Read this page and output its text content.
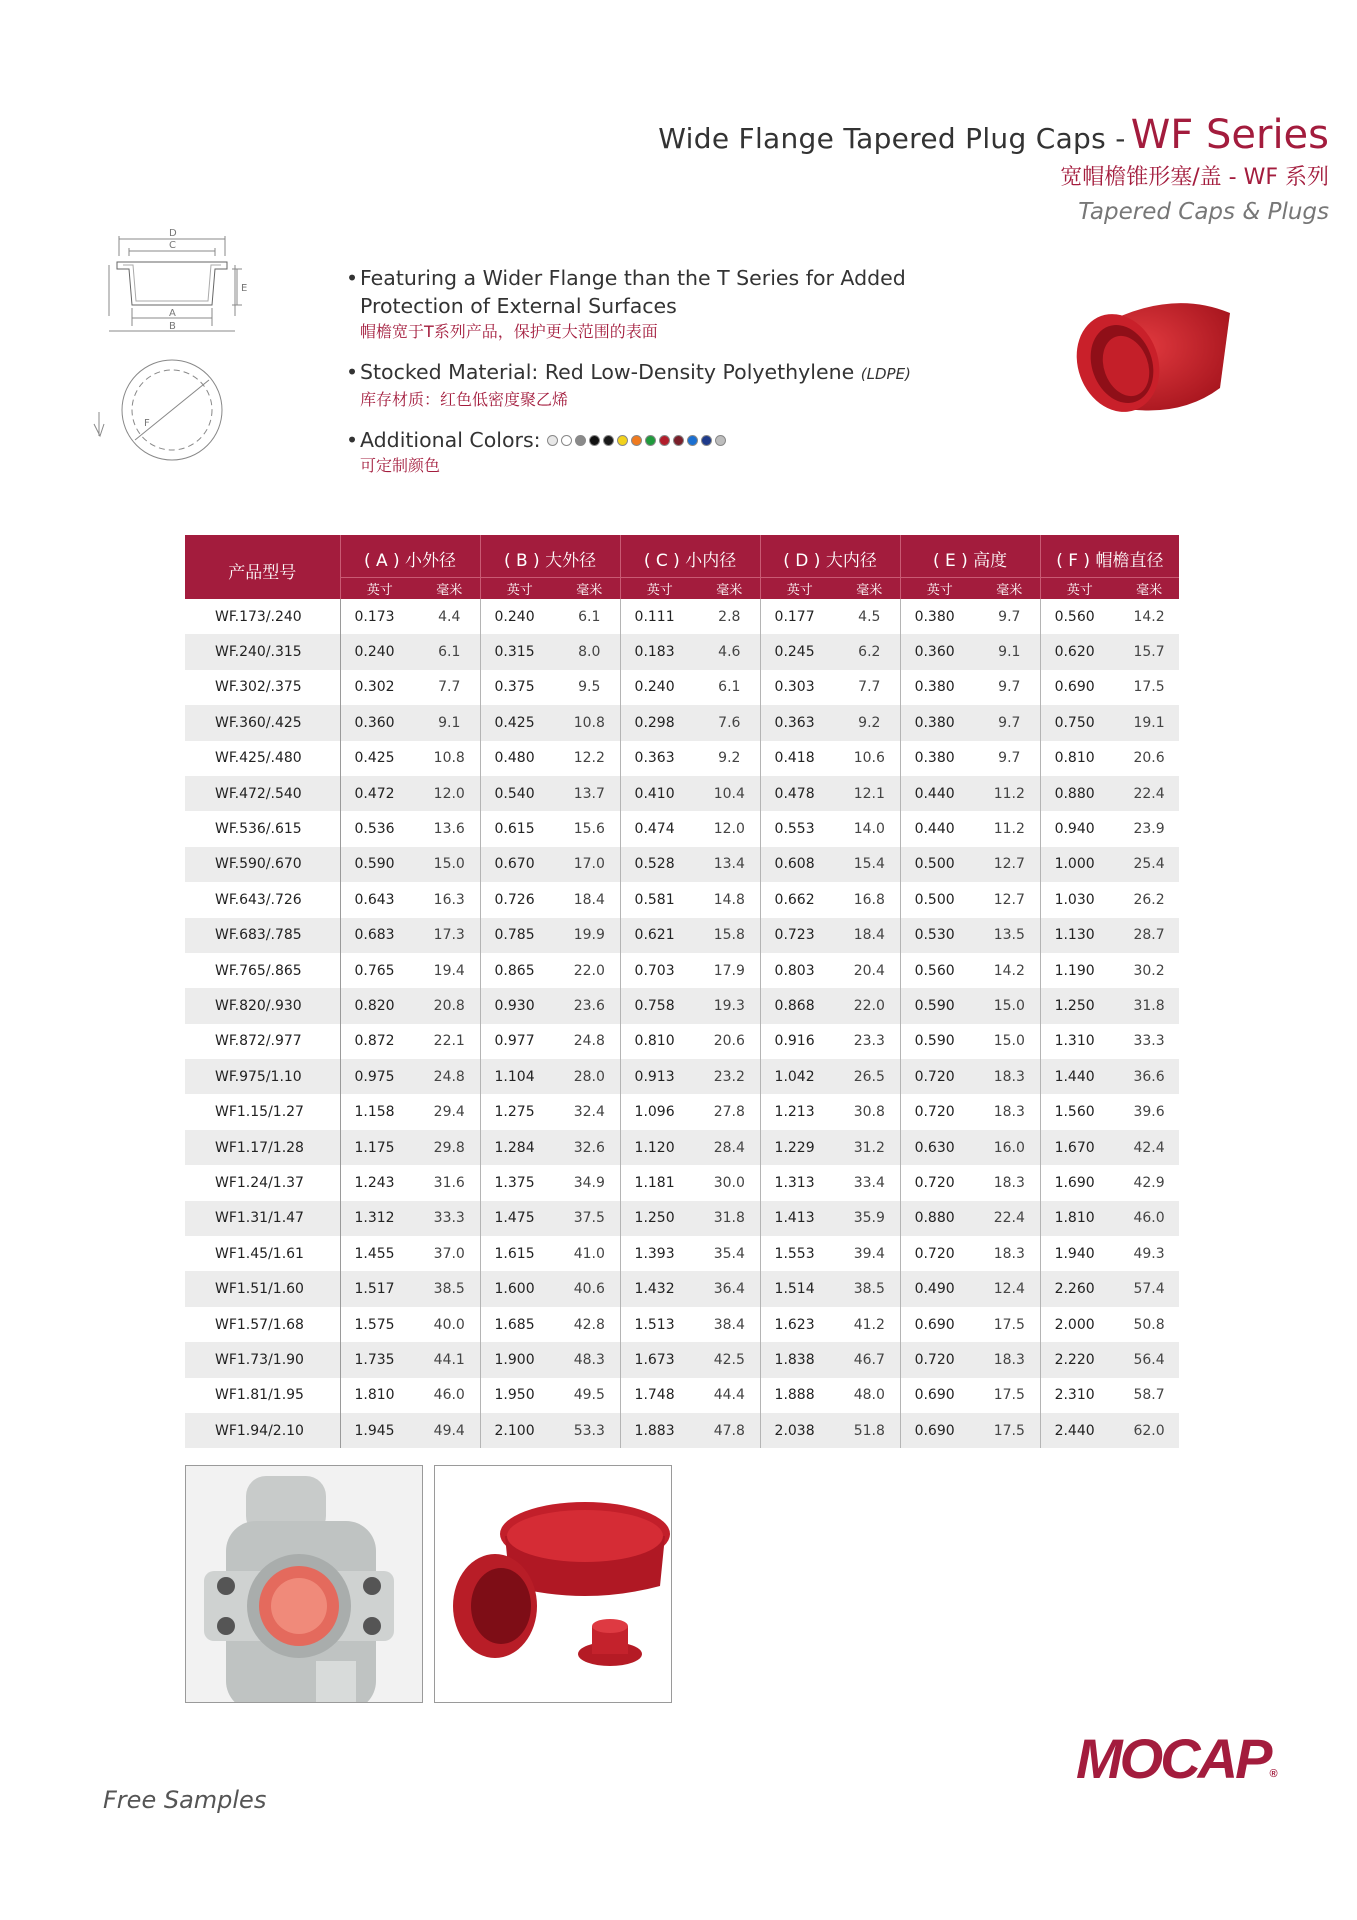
Wide Flange Tapered Plug Caps - WF Series
宽帽檐锥形塞/盖 - WF 系列
Tapered Caps & Plugs
D
C
E
A
B
F
• Featuring a Wider Flange than the T Series for Added Protection of External Surfaces
帽檐宽于T系列产品，保护更大范围的表面
• Stocked Material: Red Low-Density Polyethylene (LDPE)
库存材质：红色低密度聚乙烯
• Additional Colors:
可定制颜色
产品型号	( A ) 小外径		( B ) 大外径		( C ) 小内径		( D ) 大内径		( E ) 高度		( F ) 帽檐直径	
	英寸	毫米	英寸	毫米	英寸	毫米	英寸	毫米	英寸	毫米	英寸	毫米
WF.173/.240	0.173	4.4	0.240	6.1	0.111	2.8	0.177	4.5	0.380	9.7	0.560	14.2
WF.240/.315	0.240	6.1	0.315	8.0	0.183	4.6	0.245	6.2	0.360	9.1	0.620	15.7
WF.302/.375	0.302	7.7	0.375	9.5	0.240	6.1	0.303	7.7	0.380	9.7	0.690	17.5
WF.360/.425	0.360	9.1	0.425	10.8	0.298	7.6	0.363	9.2	0.380	9.7	0.750	19.1
WF.425/.480	0.425	10.8	0.480	12.2	0.363	9.2	0.418	10.6	0.380	9.7	0.810	20.6
WF.472/.540	0.472	12.0	0.540	13.7	0.410	10.4	0.478	12.1	0.440	11.2	0.880	22.4
WF.536/.615	0.536	13.6	0.615	15.6	0.474	12.0	0.553	14.0	0.440	11.2	0.940	23.9
WF.590/.670	0.590	15.0	0.670	17.0	0.528	13.4	0.608	15.4	0.500	12.7	1.000	25.4
WF.643/.726	0.643	16.3	0.726	18.4	0.581	14.8	0.662	16.8	0.500	12.7	1.030	26.2
WF.683/.785	0.683	17.3	0.785	19.9	0.621	15.8	0.723	18.4	0.530	13.5	1.130	28.7
WF.765/.865	0.765	19.4	0.865	22.0	0.703	17.9	0.803	20.4	0.560	14.2	1.190	30.2
WF.820/.930	0.820	20.8	0.930	23.6	0.758	19.3	0.868	22.0	0.590	15.0	1.250	31.8
WF.872/.977	0.872	22.1	0.977	24.8	0.810	20.6	0.916	23.3	0.590	15.0	1.310	33.3
WF.975/1.10	0.975	24.8	1.104	28.0	0.913	23.2	1.042	26.5	0.720	18.3	1.440	36.6
WF1.15/1.27	1.158	29.4	1.275	32.4	1.096	27.8	1.213	30.8	0.720	18.3	1.560	39.6
WF1.17/1.28	1.175	29.8	1.284	32.6	1.120	28.4	1.229	31.2	0.630	16.0	1.670	42.4
WF1.24/1.37	1.243	31.6	1.375	34.9	1.181	30.0	1.313	33.4	0.720	18.3	1.690	42.9
WF1.31/1.47	1.312	33.3	1.475	37.5	1.250	31.8	1.413	35.9	0.880	22.4	1.810	46.0
WF1.45/1.61	1.455	37.0	1.615	41.0	1.393	35.4	1.553	39.4	0.720	18.3	1.940	49.3
WF1.51/1.60	1.517	38.5	1.600	40.6	1.432	36.4	1.514	38.5	0.490	12.4	2.260	57.4
WF1.57/1.68	1.575	40.0	1.685	42.8	1.513	38.4	1.623	41.2	0.690	17.5	2.000	50.8
WF1.73/1.90	1.735	44.1	1.900	48.3	1.673	42.5	1.838	46.7	0.720	18.3	2.220	56.4
WF1.81/1.95	1.810	46.0	1.950	49.5	1.748	44.4	1.888	48.0	0.690	17.5	2.310	58.7
WF1.94/2.10	1.945	49.4	2.100	53.3	1.883	47.8	2.038	51.8	0.690	17.5	2.440	62.0
MOCAP®
Free Samples
